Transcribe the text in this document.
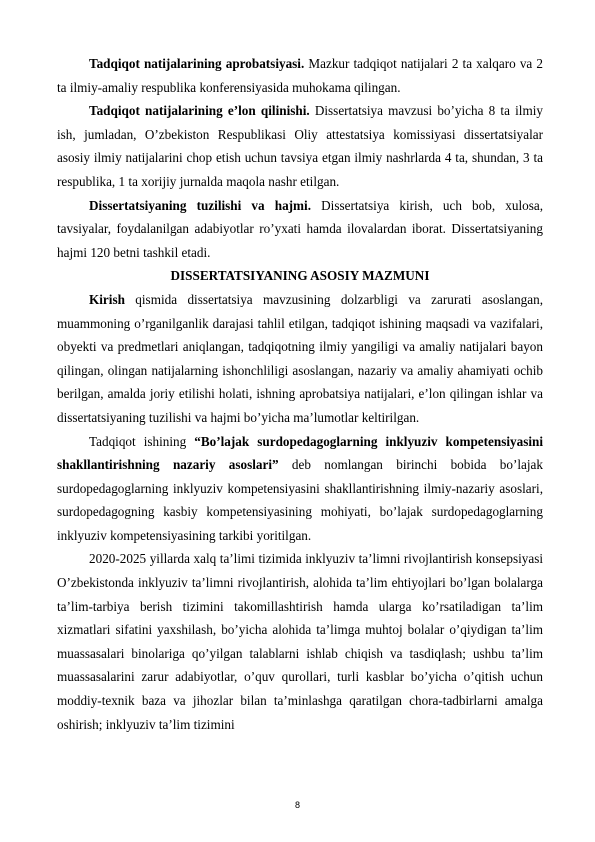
Tadqiqot natijalarining aprobatsiyasi. Mazkur tadqiqot natijalari 2 ta xalqaro va 2 ta ilmiy-amaliy respublika konferensiyasida muhokama qilingan.

Tadqiqot natijalarining e’lon qilinishi. Dissertatsiya mavzusi bo’yicha 8 ta ilmiy ish, jumladan, O’zbekiston Respublikasi Oliy attestatsiya komissiyasi dissertatsiyalar asosiy ilmiy natijalarini chop etish uchun tavsiya etgan ilmiy nashrlarda 4 ta, shundan, 3 ta respublika, 1 ta xorijiy jurnalda maqola nashr etilgan.

Dissertatsiyaning tuzilishi va hajmi. Dissertatsiya kirish, uch bob, xulosa, tavsiyalar, foydalanilgan adabiyotlar ro’yxati hamda ilovalardan iborat. Dissertatsiyaning hajmi 120 betni tashkil etadi.

DISSERTATSIYANING ASOSIY MAZMUNI

Kirish qismida dissertatsiya mavzusining dolzarbligi va zarurati asoslangan, muammoning o’rganilganlik darajasi tahlil etilgan, tadqiqot ishining maqsadi va vazifalari, obyekti va predmetlari aniqlangan, tadqiqotning ilmiy yangiligi va amaliy natijalari bayon qilingan, olingan natijalarning ishonchliligi asoslangan, nazariy va amaliy ahamiyati ochib berilgan, amalda joriy etilishi holati, ishning aprobatsiya natijalari, e’lon qilingan ishlar va dissertatsiyaning tuzilishi va hajmi bo’yicha ma’lumotlar keltirilgan.

Tadqiqot ishining “Bo’lajak surdopedagoglarning inklyuziv kompetensiyasini shakllantirishning nazariy asoslari” deb nomlangan birinchi bobida bo’lajak surdopedagoglarning inklyuziv kompetensiyasini shakllantirishning ilmiy-nazariy asoslari, surdopedagogning kasbiy kompetensiyasining mohiyati, bo’lajak surdopedagoglarning inklyuziv kompetensiyasining tarkibi yoritilgan.

2020-2025 yillarda xalq ta’limi tizimida inklyuziv ta’limni rivojlantirish konsepsiyasi O’zbekistonda inklyuziv ta’limni rivojlantirish, alohida ta’lim ehtiyojlari bo’lgan bolalarga ta’lim-tarbiya berish tizimini takomillashtirish hamda ularga ko’rsatiladigan ta’lim xizmatlari sifatini yaxshilash, bo’yicha alohida ta’limga muhtoj bolalar o’qiydigan ta’lim muassasalari binolariga qo’yilgan talablarni ishlab chiqish va tasdiqlash; ushbu ta’lim muassasalarini zarur adabiyotlar, o’quv qurollari, turli kasblar bo’yicha o’qitish uchun moddiy-texnik baza va jihozlar bilan ta’minlashga qaratilgan chora-tadbirlarni amalga oshirish; inklyuziv ta’lim tizimini

8
